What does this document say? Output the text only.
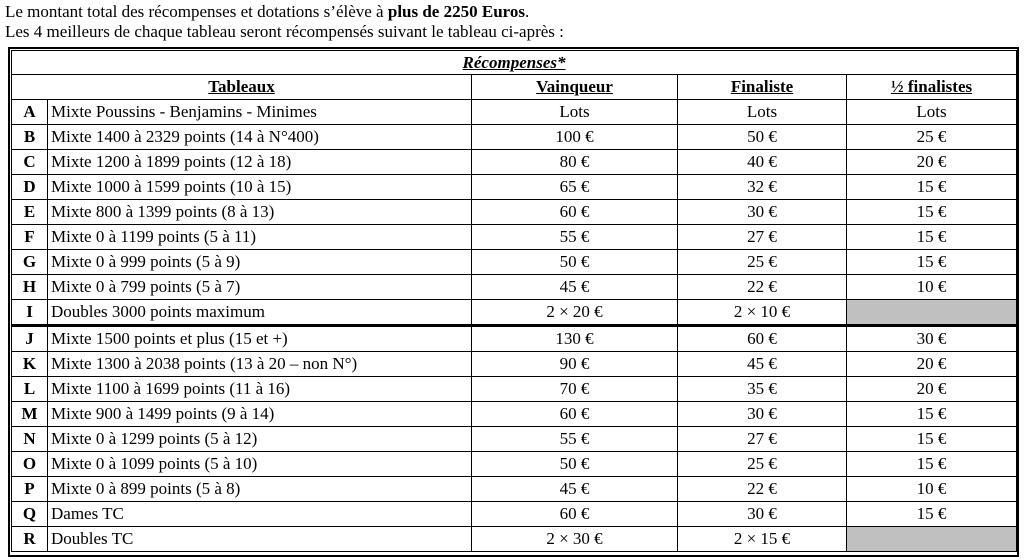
Le montant total des récompenses et dotations s’élève à plus de 2250 Euros.
Les 4 meilleurs de chaque tableau seront récompensés suivant le tableau ci-après :
Récompenses*				
Tableaux		Vainqueur	Finaliste	½ finalistes
A	Mixte Poussins - Benjamins - Minimes	Lots	Lots	Lots
B	Mixte 1400 à 2329 points (14 à N°400)	100 €	50 €	25 €
C	Mixte 1200 à 1899 points (12 à 18)	80 €	40 €	20 €
D	Mixte 1000 à 1599 points (10 à 15)	65 €	32 €	15 €
E	Mixte 800 à 1399 points (8 à 13)	60 €	30 €	15 €
F	Mixte 0 à 1199 points (5 à 11)	55 €	27 €	15 €
G	Mixte 0 à 999 points (5 à 9)	50 €	25 €	15 €
H	Mixte 0 à 799 points (5 à 7)	45 €	22 €	10 €
I	Doubles 3000 points maximum	2 × 20 €	2 × 10 €	
J	Mixte 1500 points et plus (15 et +)	130 €	60 €	30 €
K	Mixte 1300 à 2038 points (13 à 20 – non N°)	90 €	45 €	20 €
L	Mixte 1100 à 1699 points (11 à 16)	70 €	35 €	20 €
M	Mixte 900 à 1499 points (9 à 14)	60 €	30 €	15 €
N	Mixte 0 à 1299 points (5 à 12)	55 €	27 €	15 €
O	Mixte 0 à 1099 points (5 à 10)	50 €	25 €	15 €
P	Mixte 0 à 899 points (5 à 8)	45 €	22 €	10 €
Q	Dames TC	60 €	30 €	15 €
R	Doubles TC	2 × 30 €	2 × 15 €	
